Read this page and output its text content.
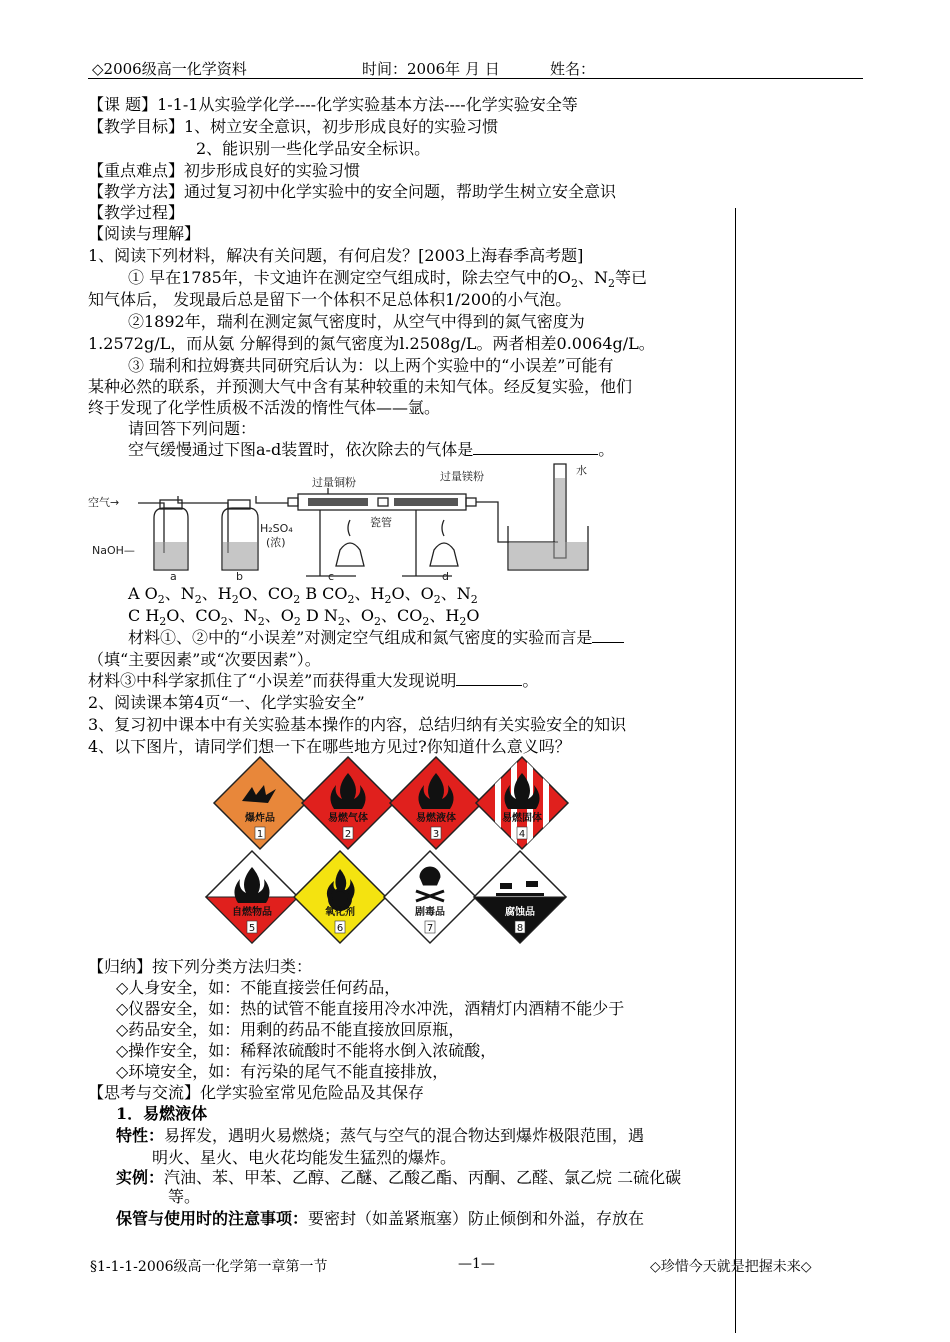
◇2006级高一化学资料	时间：2006年 月 日	姓名：
【课 题】1-1-1从实验学化学----化学实验基本方法----化学实验安全等
【教学目标】1、树立安全意识，初步形成良好的实验习惯
2、能识别一些化学品安全标识。
【重点难点】初步形成良好的实验习惯
【教学方法】通过复习初中化学实验中的安全问题，帮助学生树立安全意识
【教学过程】
【阅读与理解】
1、阅读下列材料，解决有关问题，有何启发？[2003上海春季高考题]
① 早在1785年，卡文迪许在测定空气组成时，除去空气中的$O_2$、$N_2$等已
知气体后， 发现最后总是留下一个体积不足总体积1/200的小气泡。
②1892年，瑞利在测定氮气密度时，从空气中得到的氮气密度为
1.2572g/L，而从氨 分解得到的氮气密度为l.2508g/L。两者相差0.0064g/L。
③ 瑞利和拉姆赛共同研究后认为：以上两个实验中的“小误差”可能有
某种必然的联系，并预测大气中含有某种较重的未知气体。经反复实验，他们
终于发现了化学性质极不活泼的惰性气体——氩。
请回答下列问题：
空气缓慢通过下图a-d装置时，依次除去的气体是	。
空气→
NaOH—
H₂SO₄
(浓)
过量铜粉	过量镁粉
瓷管
水
a	b	c	d
A $O_2$、$N_2$、$H_2O$、$CO_2$ B $CO_2$、$H_2O$、$O_2$、$N_2$
C $H_2O$、$CO_2$、$N_2$、$O_2$ D $N_2$、$O_2$、$CO_2$、$H_2O$
材料①、②中的“小误差”对测定空气组成和氮气密度的实验而言是
（填“主要因素”或“次要因素”）。
材料③中科学家抓住了“小误差”而获得重大发现说明	。
2、阅读课本第4页“一、化学实验安全”
3、复习初中课本中有关实验基本操作的内容，总结归纳有关实验安全的知识
4、以下图片，请同学们想一下在哪些地方见过?你知道什么意义吗？
爆炸品
1
易燃气体
2
易燃液体
3
易燃固体
4
自燃物品
5
氧化剂
6
剧毒品
7
腐蚀品
8
【归纳】按下列分类方法归类：
◇人身安全，如：不能直接尝任何药品，
◇仪器安全，如：热的试管不能直接用冷水冲洗，酒精灯内酒精不能少于
◇药品安全，如：用剩的药品不能直接放回原瓶，
◇操作安全，如：稀释浓硫酸时不能将水倒入浓硫酸，
◇环境安全，如：有污染的尾气不能直接排放，
【思考与交流】化学实验室常见危险品及其保存
1．易燃液体
特性：易挥发，遇明火易燃烧；蒸气与空气的混合物达到爆炸极限范围，遇
明火、星火、电火花均能发生猛烈的爆炸。
实例：汽油、苯、甲苯、乙醇、乙醚、乙酸乙酯、丙酮、乙醛、氯乙烷 二硫化碳
等。
保管与使用时的注意事项：要密封（如盖紧瓶塞）防止倾倒和外溢，存放在
§1-1-1-2006级高一化学第一章第一节	—1—	◇珍惜今天就是把握未来◇
